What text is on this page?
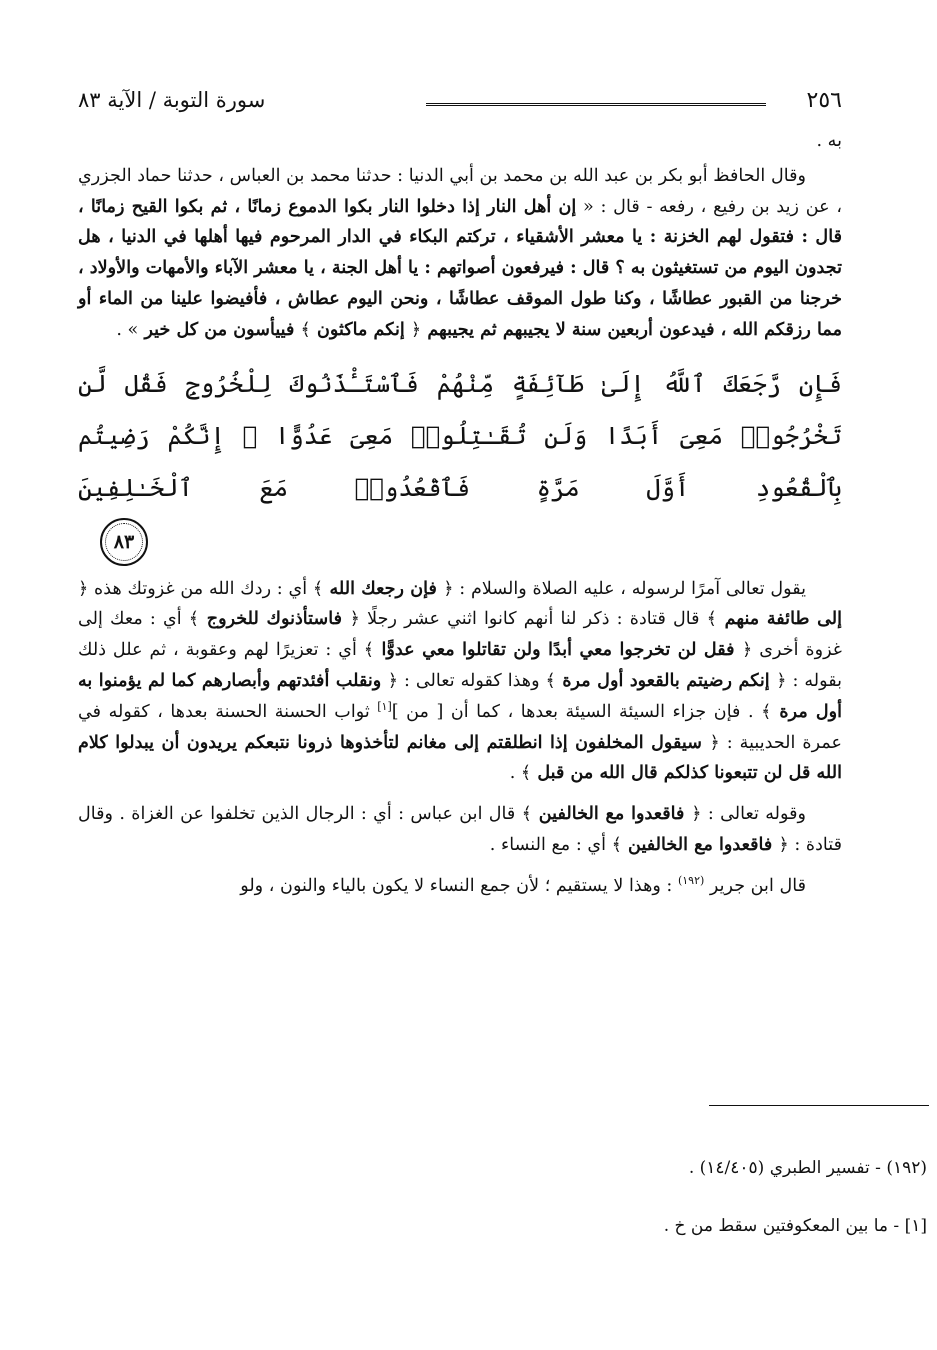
٢٥٦
سورة التوبة / الآية ٨٣

به .

وقال الحافظ أبو بكر بن عبد الله بن محمد بن أبي الدنيا : حدثنا محمد بن العباس ، حدثنا حماد الجزري ، عن زيد بن رفيع ، رفعه - قال : « إن أهل النار إذا دخلوا النار بكوا الدموع زمانًا ، ثم بكوا القيح زمانًا ، قال : فتقول لهم الخزنة : يا معشر الأشقياء ، تركتم البكاء في الدار المرحوم فيها أهلها في الدنيا ، هل تجدون اليوم من تستغيثون به ؟ قال : فيرفعون أصواتهم : يا أهل الجنة ، يا معشر الآباء والأمهات والأولاد ، خرجنا من القبور عطاشًا ، وكنا طول الموقف عطاشًا ، ونحن اليوم عطاش ، فأفيضوا علينا من الماء أو مما رزقكم الله ، فيدعون أربعين سنة لا يجيبهم ثم يجيبهم ﴿ إنكم ماكثون ﴾ فييأسون من كل خير » .

فَإِن رَّجَعَكَ ٱللَّهُ إِلَىٰ طَآئِفَةٍ مِّنْهُمْ فَٱسْتَـْٔذَنُوكَ لِلْخُرُوجِ فَقُل لَّن تَخْرُجُوا۟ مَعِىَ أَبَدًا وَلَن تُقَـٰتِلُوا۟ مَعِىَ عَدُوًّا ۖ إِنَّكُمْ رَضِيتُم بِٱلْقُعُودِ أَوَّلَ مَرَّةٍ فَٱقْعُدُوا۟ مَعَ ٱلْخَـٰلِفِينَ

٨٣

يقول تعالى آمرًا لرسوله ، عليه الصلاة والسلام : ﴿ فإن رجعك الله ﴾ أي : ردك الله من غزوتك هذه ﴿ إلى طائفة منهم ﴾ قال قتادة : ذكر لنا أنهم كانوا اثني عشر رجلًا ﴿ فاستأذنوك للخروج ﴾ أي : معك إلى غزوة أخرى ﴿ فقل لن تخرجوا معي أبدًا ولن تقاتلوا معي عدوًّا ﴾ أي : تعزيرًا لهم وعقوبة ، ثم علل ذلك بقوله : ﴿ إنكم رضيتم بالقعود أول مرة ﴾ وهذا كقوله تعالى : ﴿ ونقلب أفئدتهم وأبصارهم كما لم يؤمنوا به أول مرة ﴾ . فإن جزاء السيئة السيئة بعدها ، كما أن [ من ][١] ثواب الحسنة الحسنة بعدها ، كقوله في عمرة الحديبية : ﴿ سيقول المخلفون إذا انطلقتم إلى مغانم لتأخذوها ذرونا نتبعكم يريدون أن يبدلوا كلام الله قل لن تتبعونا كذلكم قال الله من قبل ﴾ .

وقوله تعالى : ﴿ فاقعدوا مع الخالفين ﴾ قال ابن عباس : أي : الرجال الذين تخلفوا عن الغزاة . وقال قتادة : ﴿ فاقعدوا مع الخالفين ﴾ أي : مع النساء .

قال ابن جرير $^{(١٩٢)}$ : وهذا لا يستقيم ؛ لأن جمع النساء لا يكون بالياء والنون ، ولو

(١٩٢) - تفسير الطبري (١٤/٤٠٥) .
[١] - ما بين المعكوفتين سقط من خ .
